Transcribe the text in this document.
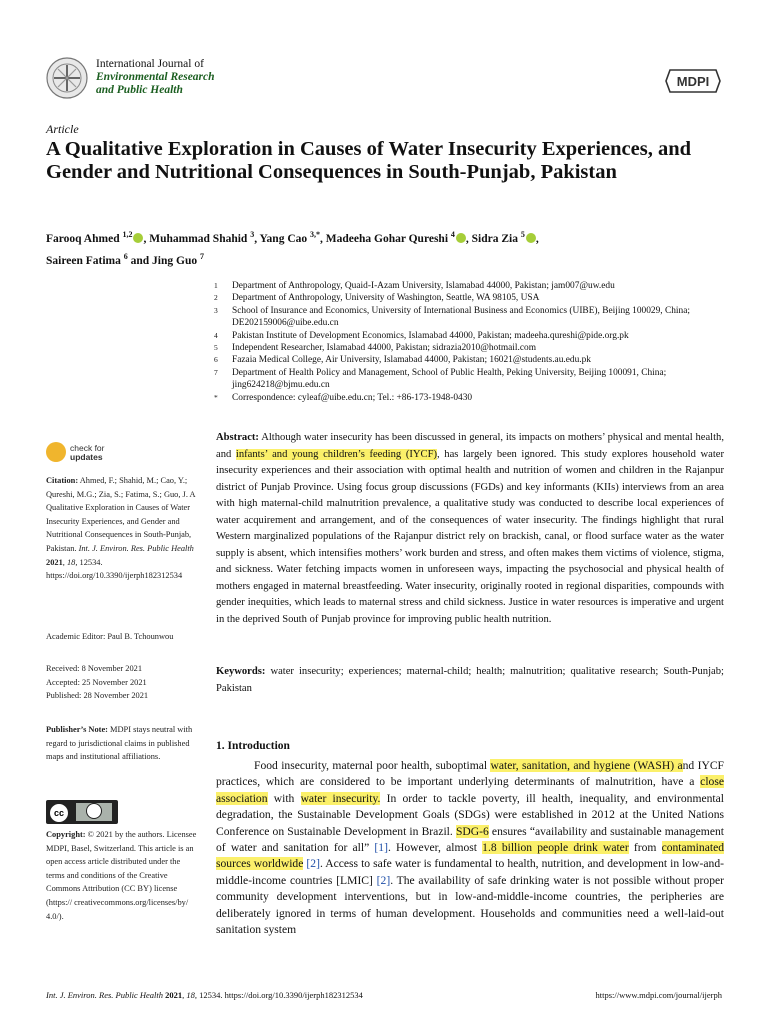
International Journal of
Environmental Research
and Public Health
MDPI
Article
A Qualitative Exploration in Causes of Water Insecurity Experiences, and Gender and Nutritional Consequences in South-Punjab, Pakistan
Farooq Ahmed $^{1,2}$ , Muhammad Shahid $^3$, Yang Cao $^{3,*}$, Madeeha Gohar Qureshi $^4$ , Sidra Zia $^5$ ,
Saireen Fatima $^6$ and Jing Guo $^7$
1	Department of Anthropology, Quaid-I-Azam University, Islamabad 44000, Pakistan; jam007@uw.edu
2	Department of Anthropology, University of Washington, Seattle, WA 98105, USA
3	School of Insurance and Economics, University of International Business and Economics (UIBE), Beijing 100029, China; DE202159006@uibe.edu.cn
4	Pakistan Institute of Development Economics, Islamabad 44000, Pakistan; madeeha.qureshi@pide.org.pk
5	Independent Researcher, Islamabad 44000, Pakistan; sidrazia2010@hotmail.com
6	Fazaia Medical College, Air University, Islamabad 44000, Pakistan; 16021@students.au.edu.pk
7	Department of Health Policy and Management, School of Public Health, Peking University, Beijing 100091, China; jing624218@bjmu.edu.cn
*	Correspondence: cyleaf@uibe.edu.cn; Tel.: +86-173-1948-0430
check for
updates
Citation: Ahmed, F.; Shahid, M.; Cao, Y.; Qureshi, M.G.; Zia, S.; Fatima, S.; Guo, J. A Qualitative Exploration in Causes of Water Insecurity Experiences, and Gender and Nutritional Consequences in South-Punjab, Pakistan. Int. J. Environ. Res. Public Health 2021, 18, 12534. https://doi.org/10.3390/ijerph182312534
Academic Editor: Paul B. Tchounwou
Received: 8 November 2021
Accepted: 25 November 2021
Published: 28 November 2021
Publisher’s Note: MDPI stays neutral with regard to jurisdictional claims in published maps and institutional affiliations.
cc
Copyright: © 2021 by the authors. Licensee MDPI, Basel, Switzerland. This article is an open access article distributed under the terms and conditions of the Creative Commons Attribution (CC BY) license (https:// creativecommons.org/licenses/by/ 4.0/).
Abstract: Although water insecurity has been discussed in general, its impacts on mothers’ physical and mental health, and infants’ and young children’s feeding (IYCF), has largely been ignored. This study explores household water insecurity experiences and their association with optimal health and nutrition of women and children in the Rajanpur district of Punjab Province. Using focus group discussions (FGDs) and key informants (KIIs) interviews from an area with high maternal-child malnutrition prevalence, a qualitative study was conducted to describe local experiences of water acquirement and arrangement, and of the consequences of water insecurity. The findings highlight that rural Western marginalized populations of the Rajanpur district rely on brackish, canal, or flood surface water as the water supply is absent, which intensifies mothers’ work burden and stress, and often makes them victims of violence, stigma, and sickness. Water fetching impacts women in unforeseen ways, impacting the psychosocial and physical health of mothers engaged in maternal breastfeeding. Water insecurity, originally rooted in regional disparities, compounds with gender inequities, which leads to maternal stress and child sickness. Justice in water resources is imperative and urgent in the deprived South of Punjab province for improving public health nutrition.
Keywords: water insecurity; experiences; maternal-child; health; malnutrition; qualitative research; South-Punjab; Pakistan
1. Introduction
Food insecurity, maternal poor health, suboptimal water, sanitation, and hygiene (WASH) and IYCF practices, which are considered to be important underlying determinants of malnutrition, have a close association with water insecurity. In order to tackle poverty, ill health, inequality, and environmental degradation, the Sustainable Development Goals (SDGs) were established in 2012 at the United Nations Conference on Sustainable Development in Brazil. SDG-6 ensures “availability and sustainable management of water and sanitation for all” [1]. However, almost 1.8 billion people drink water from contaminated sources worldwide [2]. Access to safe water is fundamental to health, nutrition, and development in low-and-middle-income countries [LMIC] [2]. The availability of safe drinking water is not possible without proper community development interventions, but in low-and-middle-income countries, the peripheries are deliberately ignored in terms of human development. Households and communities need a well-laid-out sanitation system
Int. J. Environ. Res. Public Health 2021, 18, 12534. https://doi.org/10.3390/ijerph182312534	https://www.mdpi.com/journal/ijerph
